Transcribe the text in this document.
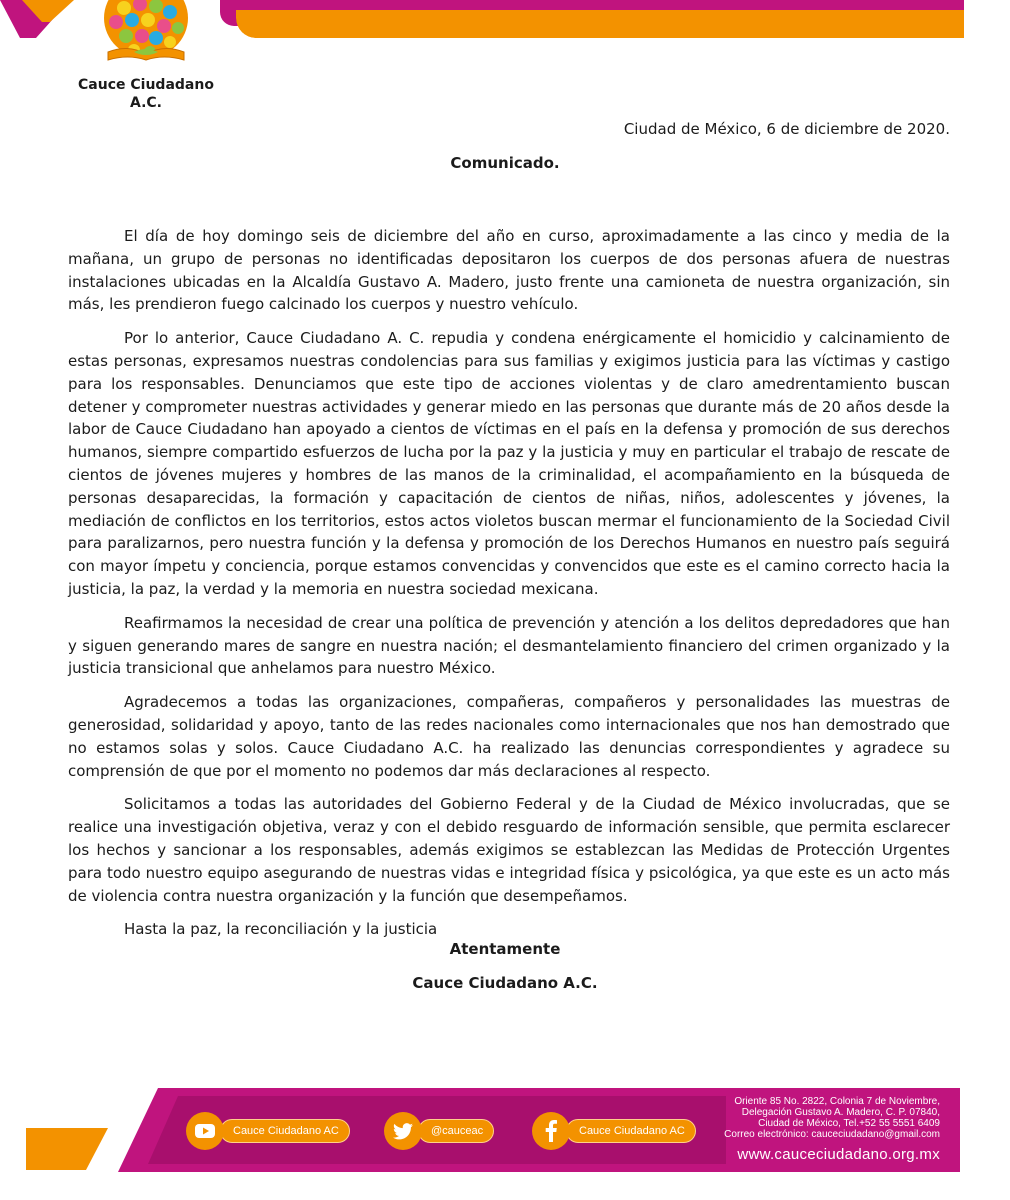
Cauce Ciudadano
A.C.
Ciudad de México, 6 de diciembre de 2020.
Comunicado.

El día de hoy domingo seis de diciembre del año en curso, aproximadamente a las cinco y media de la mañana, un grupo de personas no identificadas depositaron los cuerpos de dos personas afuera de nuestras instalaciones ubicadas en la Alcaldía Gustavo A. Madero, justo frente una camioneta de nuestra organización, sin más, les prendieron fuego calcinado los cuerpos y nuestro vehículo.

Por lo anterior, Cauce Ciudadano A. C. repudia y condena enérgicamente el homicidio y calcinamiento de estas personas, expresamos nuestras condolencias para sus familias y exigimos justicia para las víctimas y castigo para los responsables. Denunciamos que este tipo de acciones violentas y de claro amedrentamiento buscan detener y comprometer nuestras actividades y generar miedo en las personas que durante más de 20 años desde la labor de Cauce Ciudadano han apoyado a cientos de víctimas en el país en la defensa y promoción de sus derechos humanos, siempre compartido esfuerzos de lucha por la paz y la justicia y muy en particular el trabajo de rescate de cientos de jóvenes mujeres y hombres de las manos de la criminalidad, el acompañamiento en la búsqueda de personas desaparecidas, la formación y capacitación de cientos de niñas, niños, adolescentes y jóvenes, la mediación de conflictos en los territorios, estos actos violetos buscan mermar el funcionamiento de la Sociedad Civil para paralizarnos, pero nuestra función y la defensa y promoción de los Derechos Humanos en nuestro país seguirá con mayor ímpetu y conciencia, porque estamos convencidas y convencidos que este es el camino correcto hacia la justicia, la paz, la verdad y la memoria en nuestra sociedad mexicana.

Reafirmamos la necesidad de crear una política de prevención y atención a los delitos depredadores que han y siguen generando mares de sangre en nuestra nación; el desmantelamiento financiero del crimen organizado y la justicia transicional que anhelamos para nuestro México.

Agradecemos a todas las organizaciones, compañeras, compañeros y personalidades las muestras de generosidad, solidaridad y apoyo, tanto de las redes nacionales como internacionales que nos han demostrado que no estamos solas y solos. Cauce Ciudadano A.C. ha realizado las denuncias correspondientes y agradece su comprensión de que por el momento no podemos dar más declaraciones al respecto.

Solicitamos a todas las autoridades del Gobierno Federal y de la Ciudad de México involucradas, que se realice una investigación objetiva, veraz y con el debido resguardo de información sensible, que permita esclarecer los hechos y sancionar a los responsables, además exigimos se establezcan las Medidas de Protección Urgentes para todo nuestro equipo asegurando de nuestras vidas e integridad física y psicológica, ya que este es un acto más de violencia contra nuestra organización y la función que desempeñamos.

Hasta la paz, la reconciliación y la justicia

Atentamente
Cauce Ciudadano A.C.
Cauce Ciudadano AC	@cauceac	Cauce Ciudadano AC
Oriente 85 No. 2822, Colonia 7 de Noviembre,
Delegación Gustavo A. Madero, C. P. 07840,
Ciudad de México, Tel.+52 55 5551 6409
Correo electrónico: cauceciudadano@gmail.com
www.cauceciudadano.org.mx
